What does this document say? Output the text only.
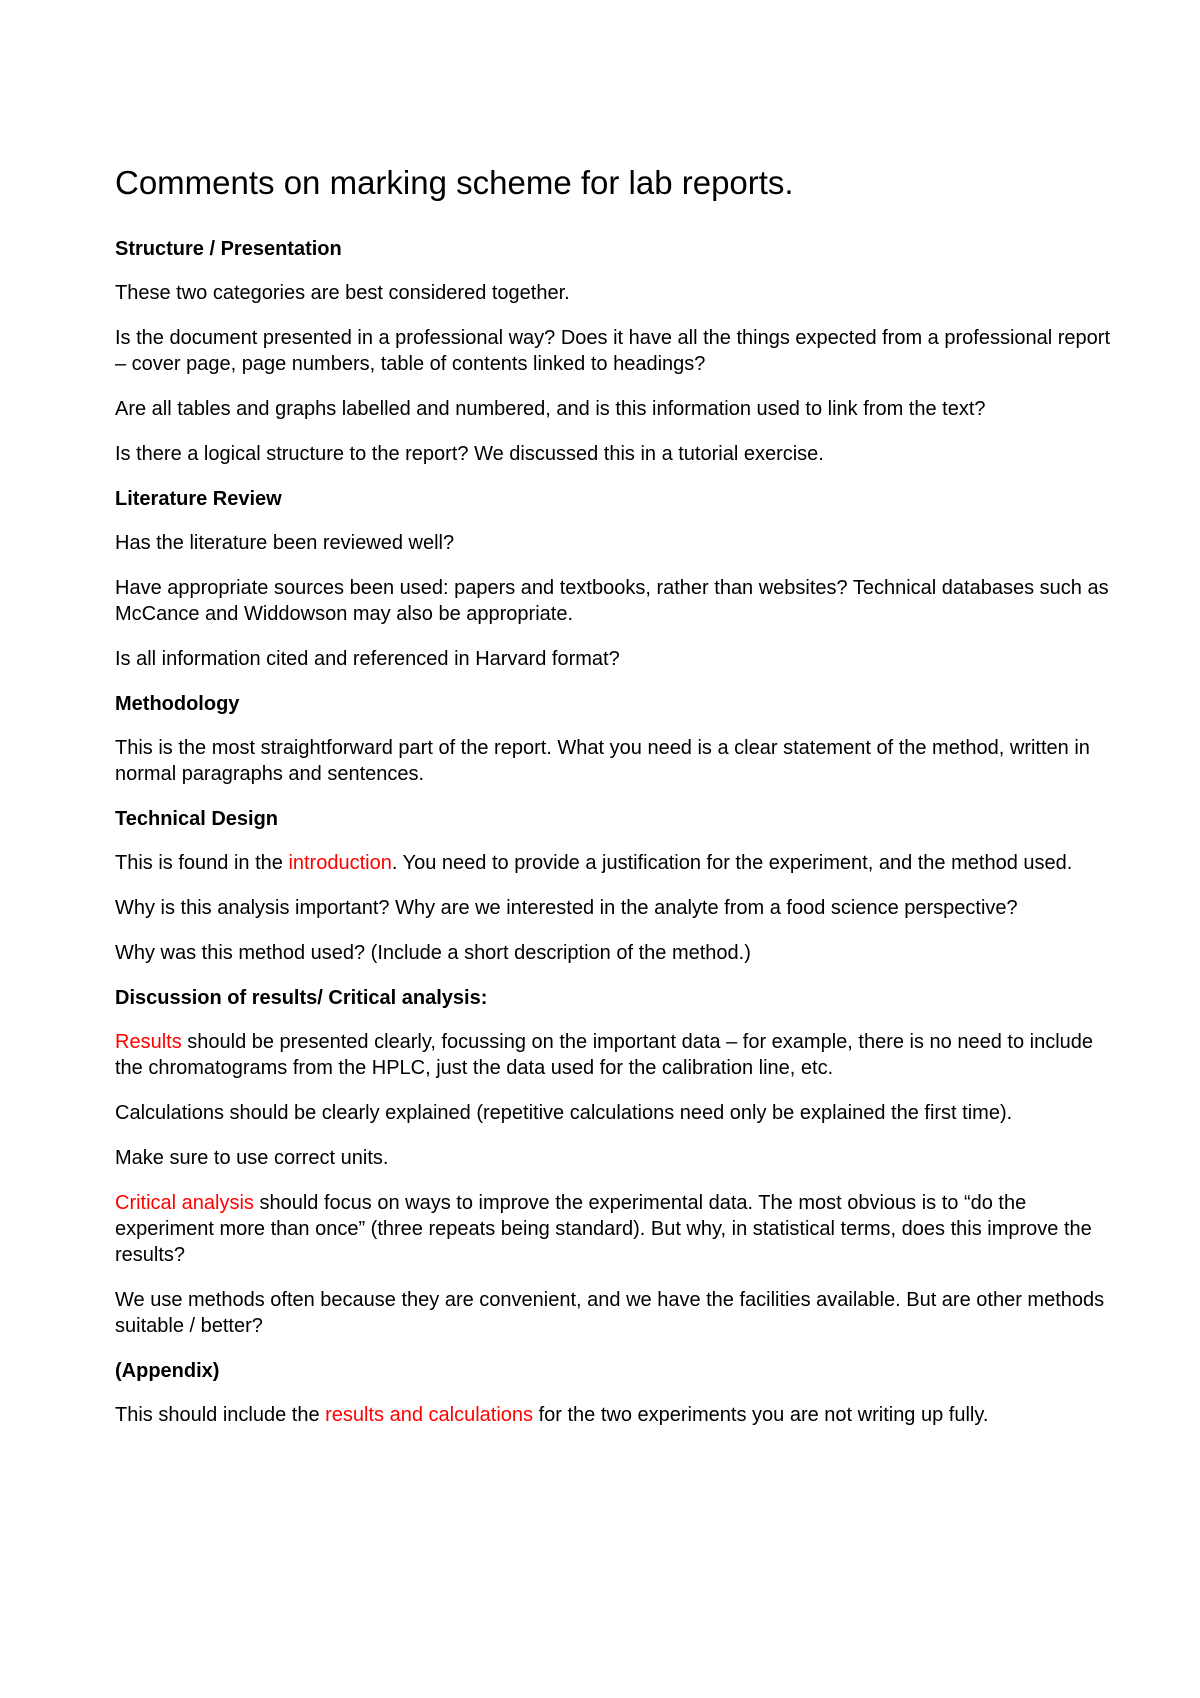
Comments on marking scheme for lab reports.
Structure / Presentation

These two categories are best considered together.

Is the document presented in a professional way? Does it have all the things expected from a professional report – cover page, page numbers, table of contents linked to headings?

Are all tables and graphs labelled and numbered, and is this information used to link from the text?

Is there a logical structure to the report? We discussed this in a tutorial exercise.

Literature Review

Has the literature been reviewed well?

Have appropriate sources been used: papers and textbooks, rather than websites? Technical databases such as McCance and Widdowson may also be appropriate.

Is all information cited and referenced in Harvard format?

Methodology

This is the most straightforward part of the report. What you need is a clear statement of the method, written in normal paragraphs and sentences.

Technical Design

This is found in the introduction. You need to provide a justification for the experiment, and the method used.

Why is this analysis important? Why are we interested in the analyte from a food science perspective?

Why was this method used? (Include a short description of the method.)

Discussion of results/ Critical analysis:

Results should be presented clearly, focussing on the important data – for example, there is no need to include the chromatograms from the HPLC, just the data used for the calibration line, etc.

Calculations should be clearly explained (repetitive calculations need only be explained the first time).

Make sure to use correct units.

Critical analysis should focus on ways to improve the experimental data. The most obvious is to “do the experiment more than once” (three repeats being standard). But why, in statistical terms, does this improve the results?

We use methods often because they are convenient, and we have the facilities available. But are other methods suitable / better?

(Appendix)

This should include the results and calculations for the two experiments you are not writing up fully.
